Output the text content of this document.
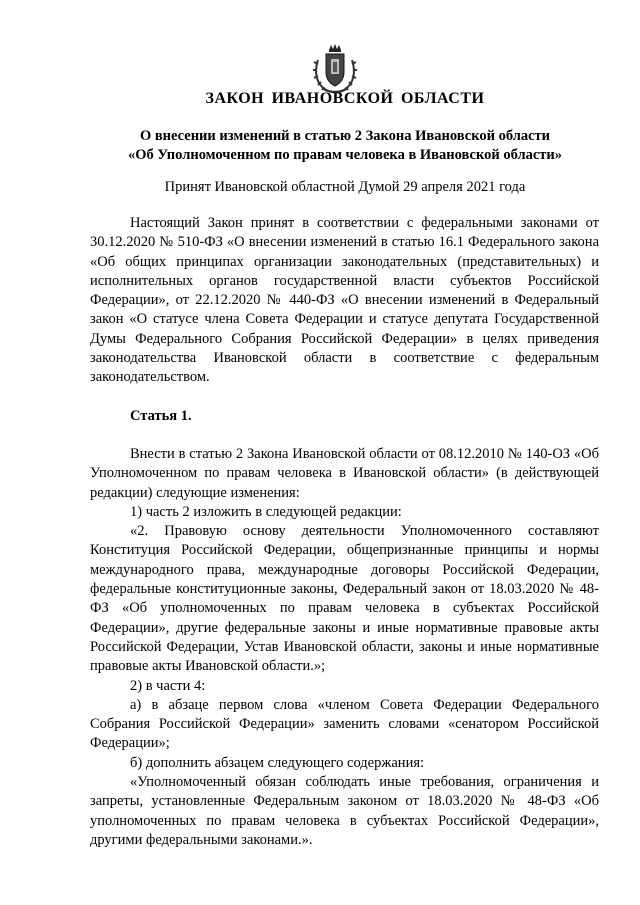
ЗАКОН ИВАНОВСКОЙ ОБЛАСТИ
О внесении изменений в статью 2 Закона Ивановской области
«Об Уполномоченном по правам человека в Ивановской области»

Принят Ивановской областной Думой 29 апреля 2021 года

Настоящий Закон принят в соответствии с федеральными законами от 30.12.2020 № 510-ФЗ «О внесении изменений в статью 16.1 Федерального закона «Об общих принципах организации законодательных (представительных) и исполнительных органов государственной власти субъектов Российской Федерации», от 22.12.2020 № 440-ФЗ «О внесении изменений в Федеральный закон «О статусе члена Совета Федерации и статусе депутата Государственной Думы Федерального Собрания Российской Федерации» в целях приведения законодательства Ивановской области в соответствие с федеральным законодательством.

Статья 1.

Внести в статью 2 Закона Ивановской области от 08.12.2010 № 140-ОЗ «Об Уполномоченном по правам человека в Ивановской области» (в действующей редакции) следующие изменения:

1) часть 2 изложить в следующей редакции:

«2. Правовую основу деятельности Уполномоченного составляют Конституция Российской Федерации, общепризнанные принципы и нормы международного права, международные договоры Российской Федерации, федеральные конституционные законы, Федеральный закон от 18.03.2020 № 48-ФЗ «Об уполномоченных по правам человека в субъектах Российской Федерации», другие федеральные законы и иные нормативные правовые акты Российской Федерации, Устав Ивановской области, законы и иные нормативные правовые акты Ивановской области.»;

2) в части 4:

а) в абзаце первом слова «членом Совета Федерации Федерального Собрания Российской Федерации» заменить словами «сенатором Российской Федерации»;

б) дополнить абзацем следующего содержания:

«Уполномоченный обязан соблюдать иные требования, ограничения и запреты, установленные Федеральным законом от 18.03.2020 № 48-ФЗ «Об уполномоченных по правам человека в субъектах Российской Федерации», другими федеральными законами.».
